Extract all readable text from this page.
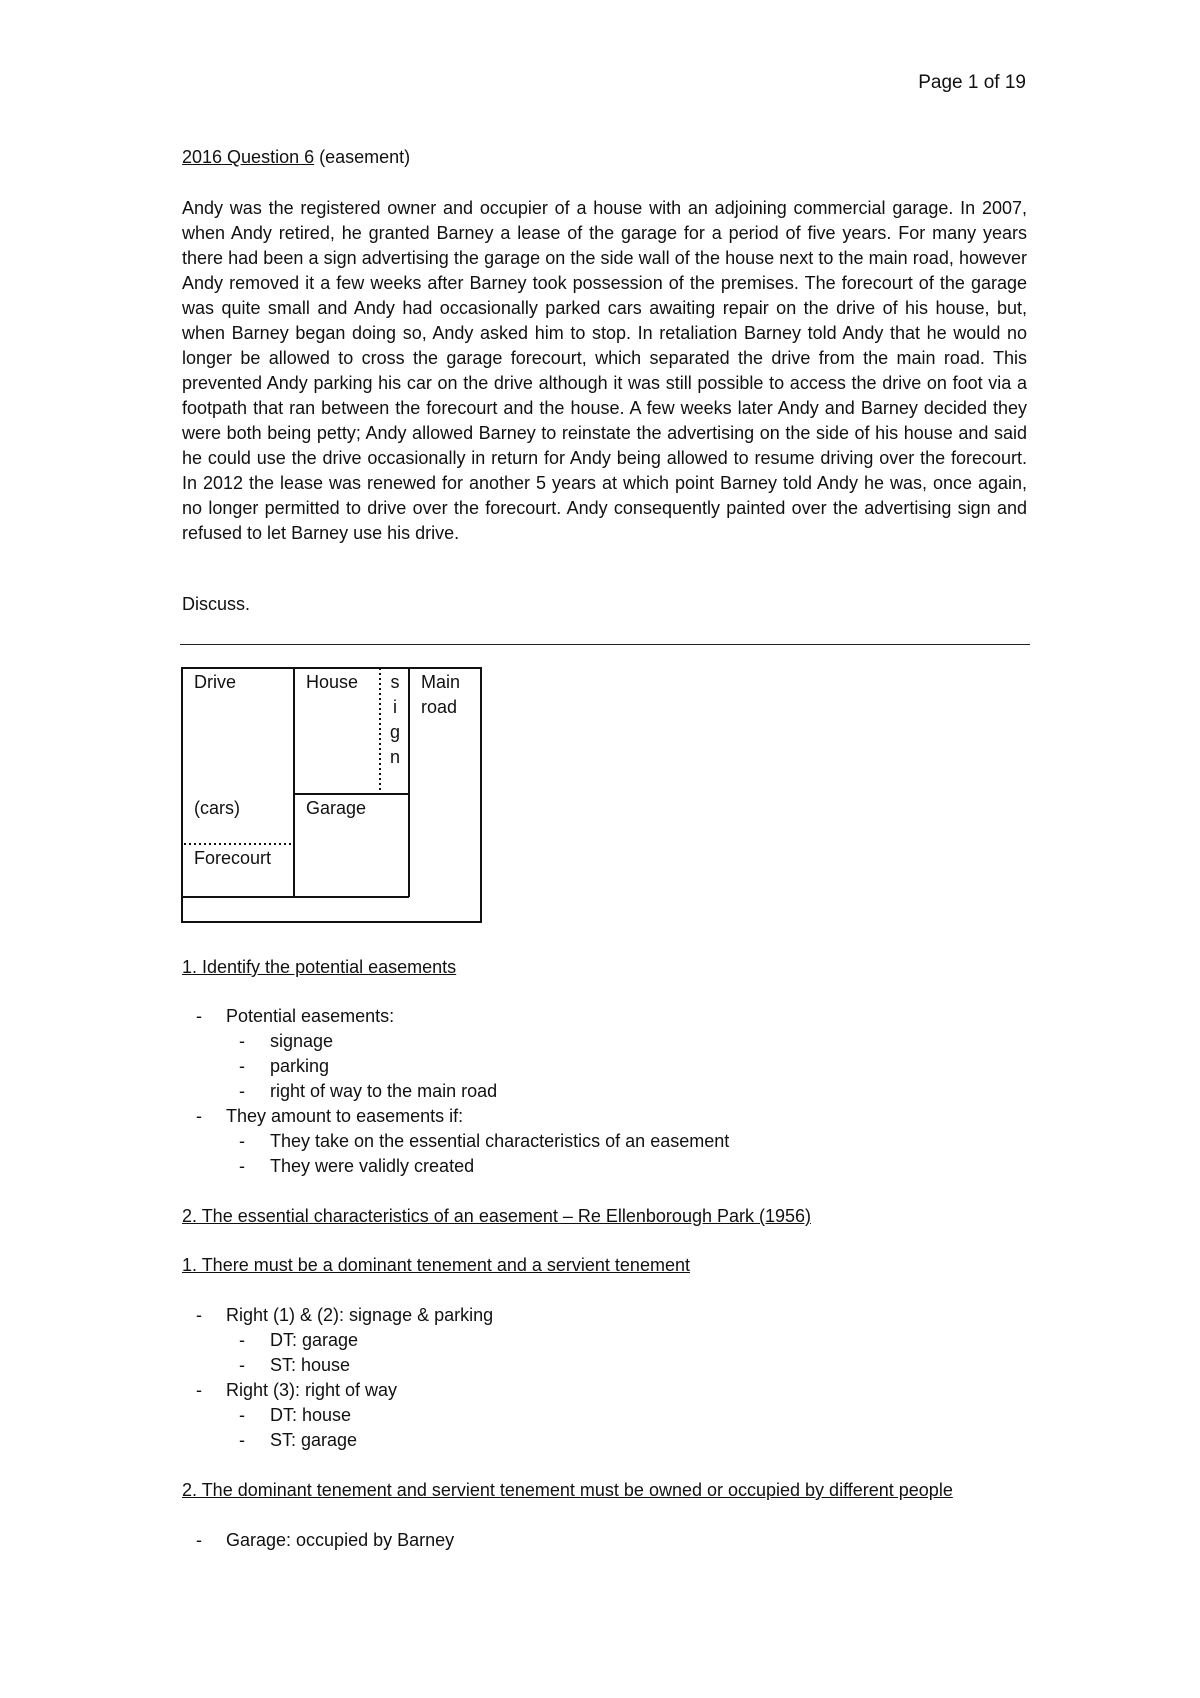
Page 1 of 19
2016 Question 6 (easement)

Andy was the registered owner and occupier of a house with an adjoining commercial garage. In 2007, when Andy retired, he granted Barney a lease of the garage for a period of five years. For many years there had been a sign advertising the garage on the side wall of the house next to the main road, however Andy removed it a few weeks after Barney took possession of the premises. The forecourt of the garage was quite small and Andy had occasionally parked cars awaiting repair on the drive of his house, but, when Barney began doing so, Andy asked him to stop. In retaliation Barney told Andy that he would no longer be allowed to cross the garage forecourt, which separated the drive from the main road. This prevented Andy parking his car on the drive although it was still possible to access the drive on foot via a footpath that ran between the forecourt and the house. A few weeks later Andy and Barney decided they were both being petty; Andy allowed Barney to reinstate the advertising on the side of his house and said he could use the drive occasionally in return for Andy being allowed to resume driving over the forecourt. In 2012 the lease was renewed for another 5 years at which point Barney told Andy he was, once again, no longer permitted to drive over the forecourt. Andy consequently painted over the advertising sign and refused to let Barney use his drive.

Discuss.
Drive	House s
i
g
n
Main
road
(cars)	Garage
Forecourt
1. Identify the potential easements
- Potential easements:
- signage
- parking
- right of way to the main road
- They amount to easements if:
- They take on the essential characteristics of an easement
- They were validly created
2. The essential characteristics of an easement – Re Ellenborough Park (1956)
1. There must be a dominant tenement and a servient tenement
- Right (1) & (2): signage & parking
- DT: garage
- ST: house
- Right (3): right of way
- DT: house
- ST: garage
2. The dominant tenement and servient tenement must be owned or occupied by different people
- Garage: occupied by Barney
